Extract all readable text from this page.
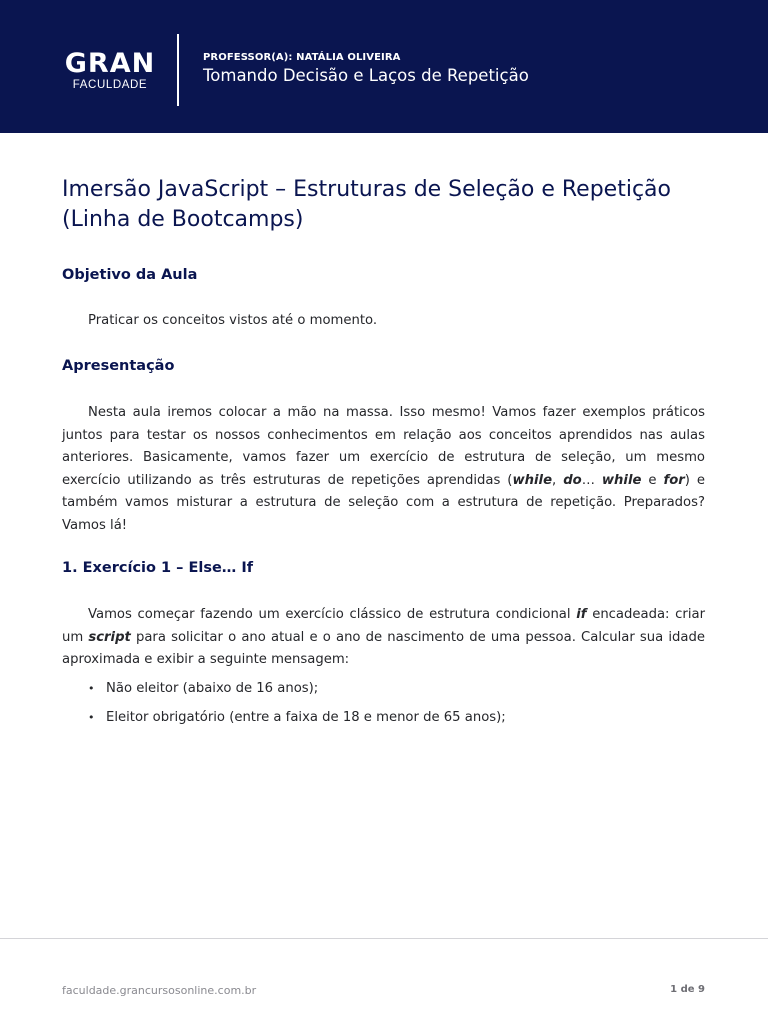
GRAN
FACULDADE
PROFESSOR(A): NATÁLIA OLIVEIRA
Tomando Decisão e Laços de Repetição
Imersão JavaScript – Estruturas de Seleção e Repetição (Linha de Bootcamps)
Objetivo da Aula

Praticar os conceitos vistos até o momento.

Apresentação

Nesta aula iremos colocar a mão na massa. Isso mesmo! Vamos fazer exemplos práticos juntos para testar os nossos conhecimentos em relação aos conceitos aprendidos nas aulas anteriores. Basicamente, vamos fazer um exercício de estrutura de seleção, um mesmo exercício utilizando as três estruturas de repetições aprendidas (while, do… while e for) e também vamos misturar a estrutura de seleção com a estrutura de repetição. Preparados? Vamos lá!

1. Exercício 1 – Else… If

Vamos começar fazendo um exercício clássico de estrutura condicional if encadeada: criar um script para solicitar o ano atual e o ano de nascimento de uma pessoa. Calcular sua idade aproximada e exibir a seguinte mensagem:

• Não eleitor (abaixo de 16 anos);
• Eleitor obrigatório (entre a faixa de 18 e menor de 65 anos);
faculdade.grancursosonline.com.br	1 de 9
